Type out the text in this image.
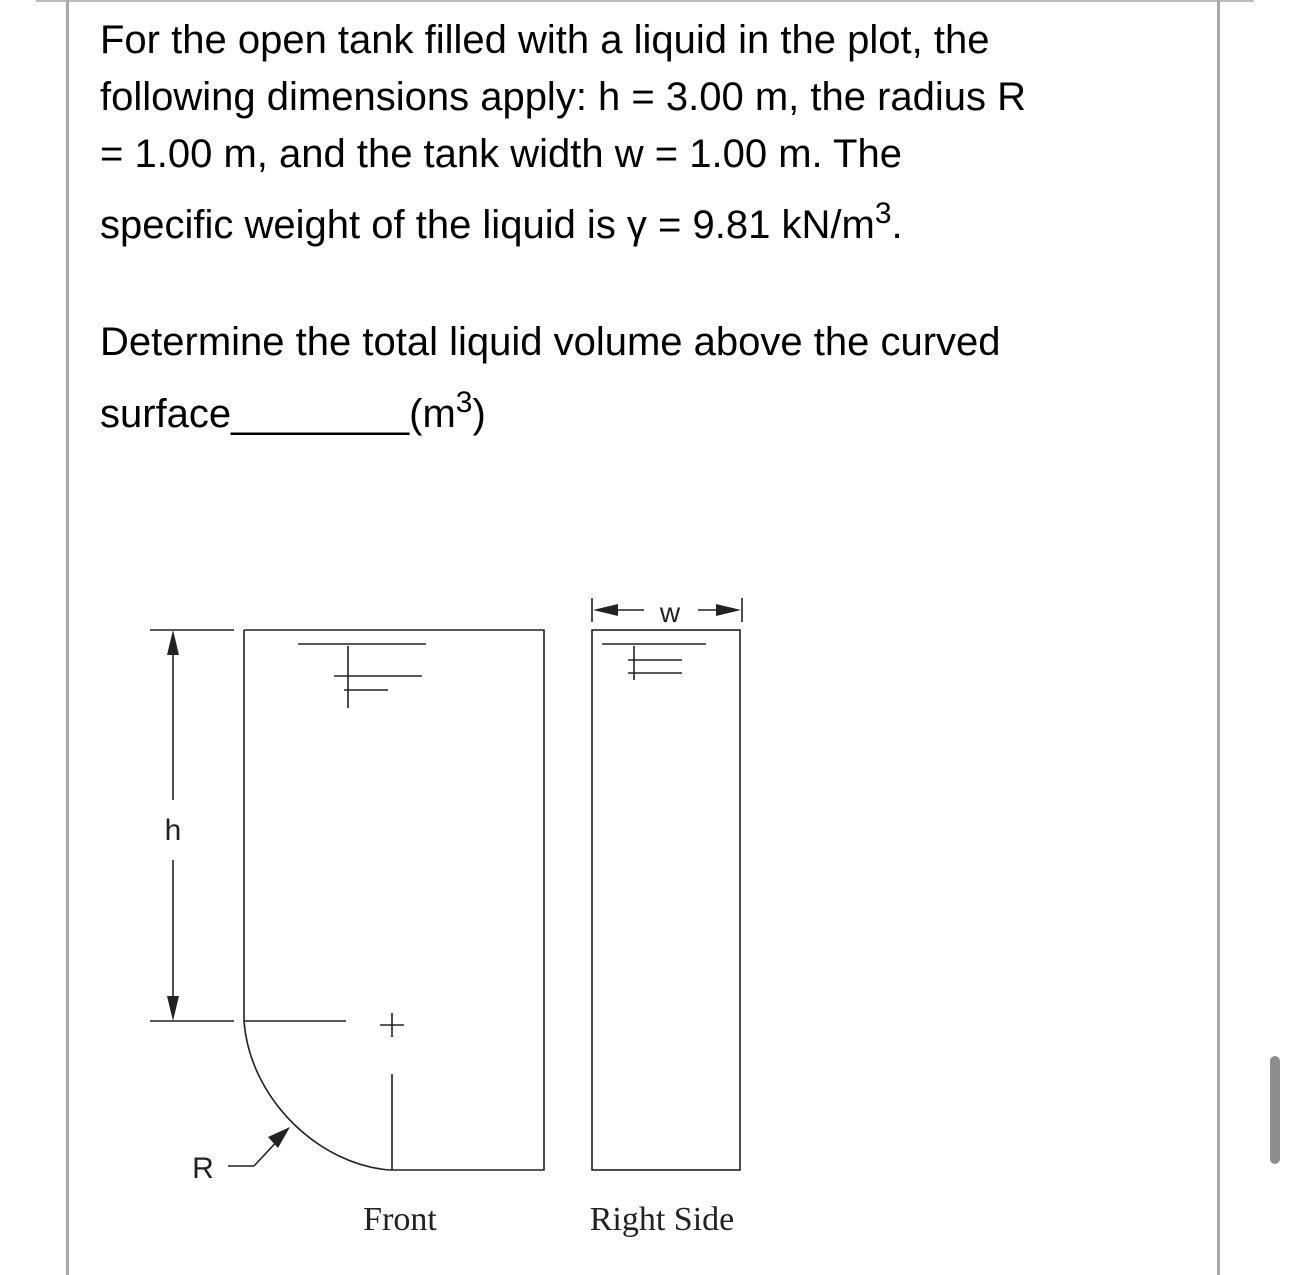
For the open tank filled with a liquid in the plot, the
following dimensions apply: h = 3.00 m, the radius R
= 1.00 m, and the tank width w = 1.00 m. The
specific weight of the liquid is γ = 9.81 $kN/m^3$.
Determine the total liquid volume above the curved
$surface\_\_\_\_\_\_\_\_(m^3)$
h
R
w
Front	Right Side
